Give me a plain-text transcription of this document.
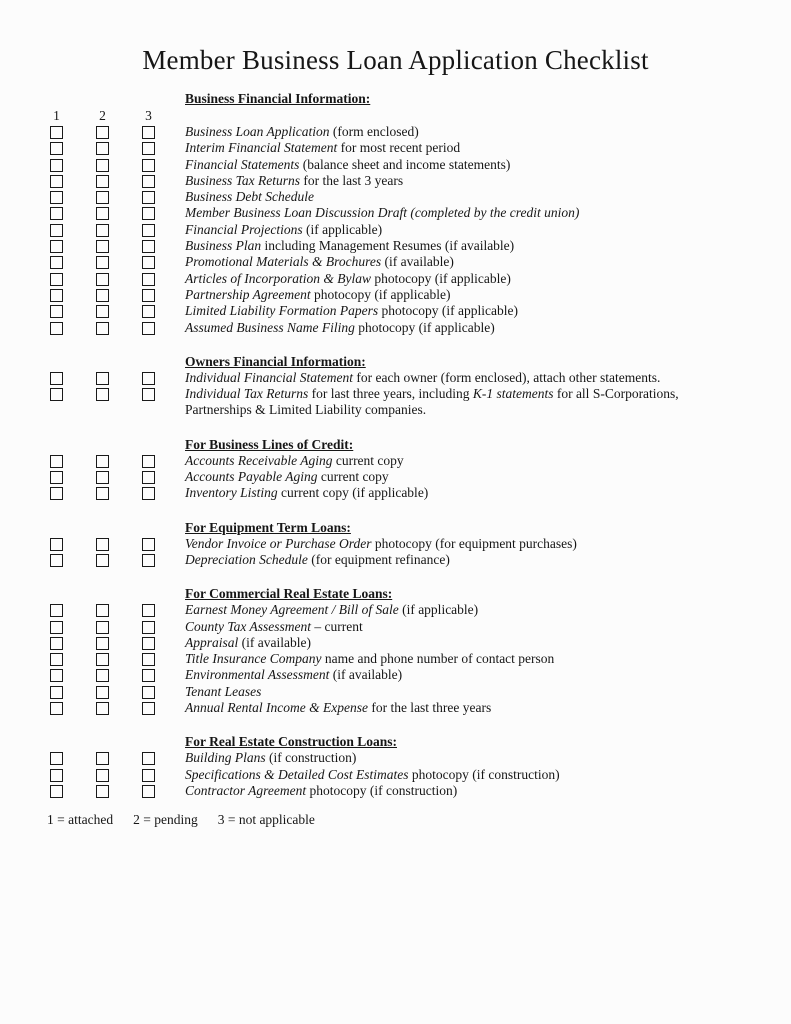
Member Business Loan Application Checklist
Business Financial Information:
1	2	3
Business Loan Application (form enclosed)
Interim Financial Statement for most recent period
Financial Statements (balance sheet and income statements)
Business Tax Returns for the last 3 years
Business Debt Schedule
Member Business Loan Discussion Draft (completed by the credit union)
Financial Projections (if applicable)
Business Plan including Management Resumes (if available)
Promotional Materials & Brochures (if available)
Articles of Incorporation & Bylaw photocopy (if applicable)
Partnership Agreement photocopy (if applicable)
Limited Liability Formation Papers photocopy (if applicable)
Assumed Business Name Filing photocopy (if applicable)
Owners Financial Information:
Individual Financial Statement for each owner (form enclosed), attach other statements.
Individual Tax Returns for last three years, including K-1 statements for all S-Corporations, Partnerships & Limited Liability companies.
For Business Lines of Credit:
Accounts Receivable Aging current copy
Accounts Payable Aging current copy
Inventory Listing current copy (if applicable)
For Equipment Term Loans:
Vendor Invoice or Purchase Order photocopy (for equipment purchases)
Depreciation Schedule (for equipment refinance)
For Commercial Real Estate Loans:
Earnest Money Agreement / Bill of Sale (if applicable)
County Tax Assessment – current
Appraisal (if available)
Title Insurance Company name and phone number of contact person
Environmental Assessment (if available)
Tenant Leases
Annual Rental Income & Expense for the last three years
For Real Estate Construction Loans:
Building Plans (if construction)
Specifications & Detailed Cost Estimates photocopy (if construction)
Contractor Agreement photocopy (if construction)
1 = attached 2 = pending 3 = not applicable
